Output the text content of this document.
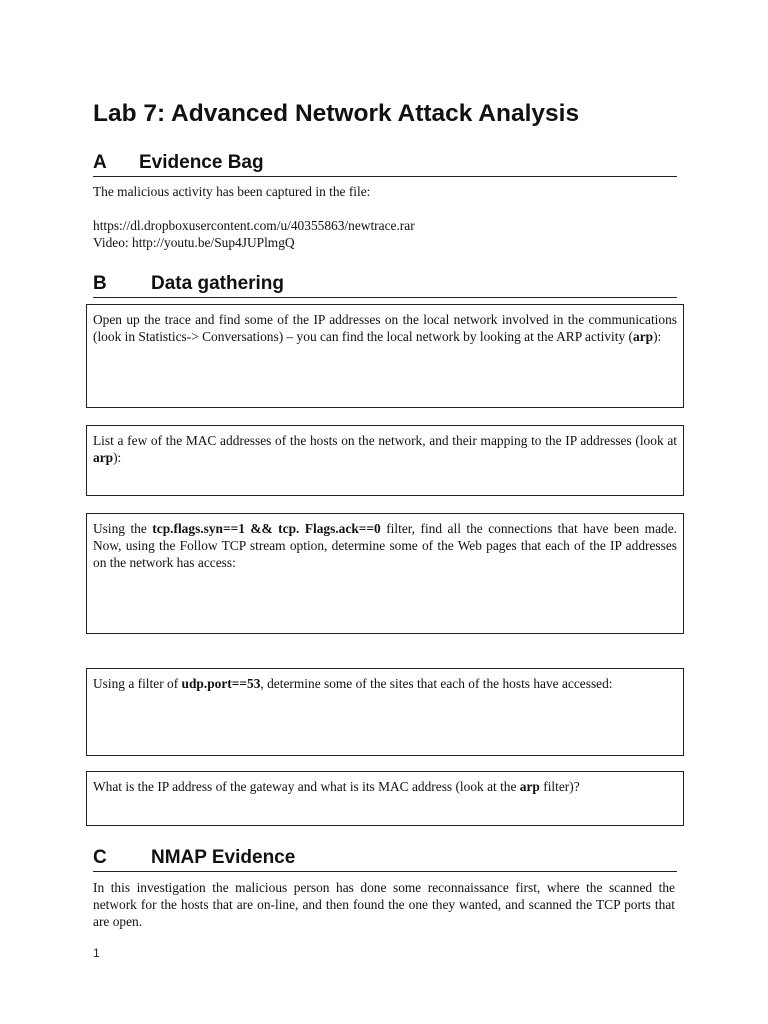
Lab 7: Advanced Network Attack Analysis
A Evidence Bag

The malicious activity has been captured in the file:

https://dl.dropboxusercontent.com/u/40355863/newtrace.rar
Video: http://youtu.be/Sup4JUPlmgQ

B Data gathering
Open up the trace and find some of the IP addresses on the local network involved in the communications (look in Statistics-> Conversations) – you can find the local network by looking at the ARP activity (arp):
List a few of the MAC addresses of the hosts on the network, and their mapping to the IP addresses (look at arp):
Using the tcp.flags.syn==1 && tcp. Flags.ack==0 filter, find all the connections that have been made. Now, using the Follow TCP stream option, determine some of the Web pages that each of the IP addresses on the network has access:
Using a filter of udp.port==53, determine some of the sites that each of the hosts have accessed:
What is the IP address of the gateway and what is its MAC address (look at the arp filter)?
C NMAP Evidence

In this investigation the malicious person has done some reconnaissance first, where the scanned the network for the hosts that are on-line, and then found the one they wanted, and scanned the TCP ports that are open.

1
